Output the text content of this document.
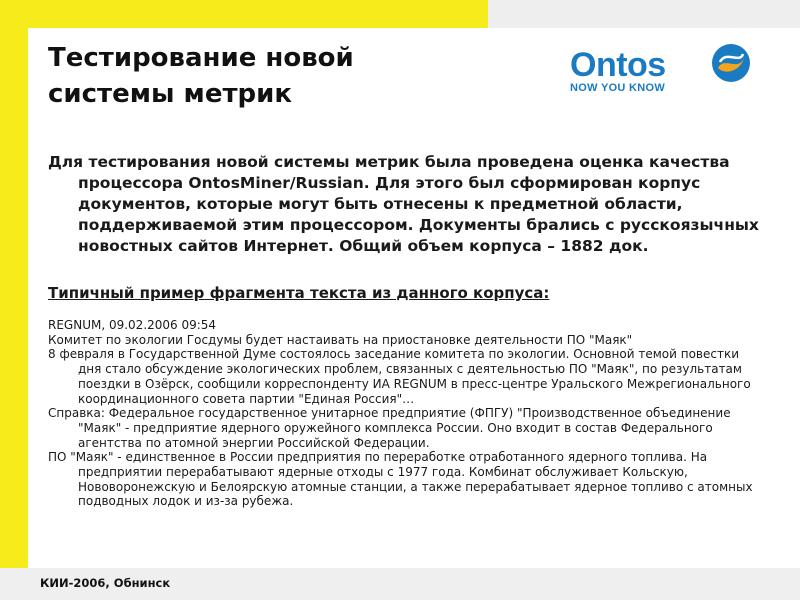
Тестирование новой
системы метрик
Ontos
NOW YOU KNOW
Для тестирования новой системы метрик была проведена оценка качества процессора OntosMiner/Russian. Для этого был сформирован корпус документов, которые могут быть отнесены к предметной области, поддерживаемой этим процессором. Документы брались с русскоязычных новостных сайтов Интернет. Общий объем корпуса – 1882 док.
Типичный пример фрагмента текста из данного корпуса:

REGNUM, 09.02.2006 09:54

Комитет по экологии Госдумы будет настаивать на приостановке деятельности ПО "Маяк"

8 февраля в Государственной Думе состоялось заседание комитета по экологии. Основной темой повестки дня стало обсуждение экологических проблем, связанных с деятельностью ПО "Маяк", по результатам поездки в Озёрск, сообщили корреспонденту ИА REGNUM в пресс-центре Уральского Межрегионального координационного совета партии "Единая Россия"…

Справка: Федеральное государственное унитарное предприятие (ФПГУ) "Производственное объединение "Маяк" - предприятие ядерного оружейного комплекса России. Оно входит в состав Федерального агентства по атомной энергии Российской Федерации.

ПО "Маяк" - единственное в России предприятия по переработке отработанного ядерного топлива. На предприятии перерабатывают ядерные отходы с 1977 года. Комбинат обслуживает Кольскую, Нововоронежскую и Белоярскую атомные станции, а также перерабатывает ядерное топливо с атомных подводных лодок и из-за рубежа.

КИИ-2006, Обнинск
